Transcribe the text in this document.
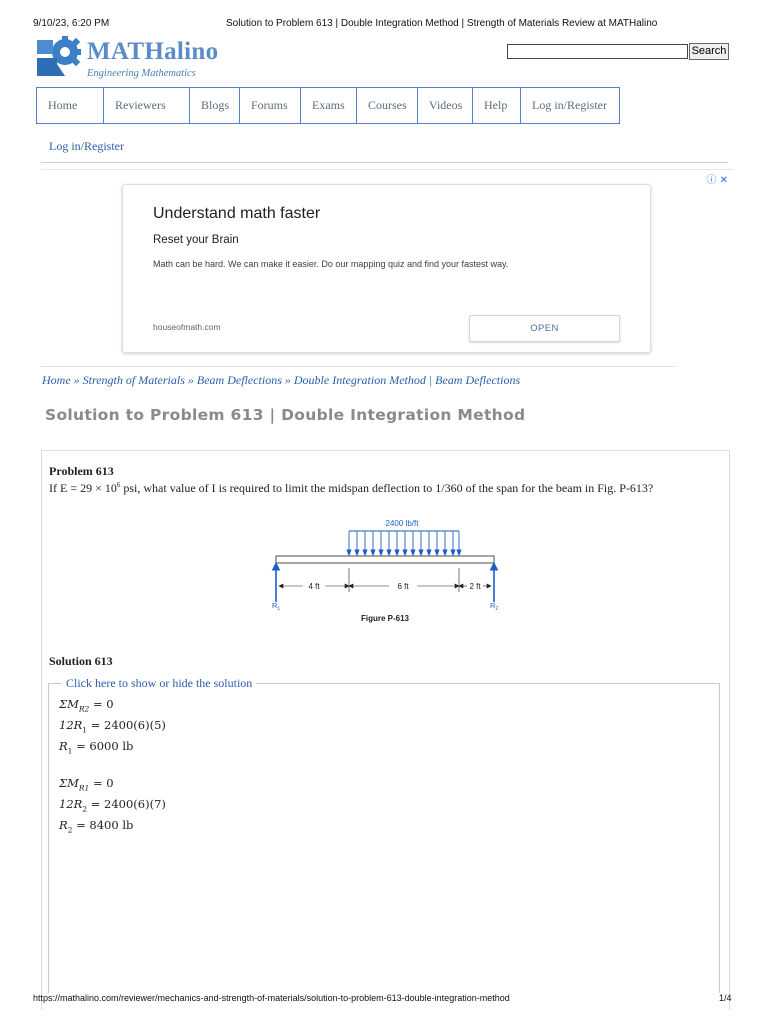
9/10/23, 6:20 PM	Solution to Problem 613 | Double Integration Method | Strength of Materials Review at MATHalino
MATHalino
Engineering Mathematics
Search
Home	Reviewers	Blogs	Forums	Exams	Courses	Videos	Help	Log in/Register
Log in/Register
ⓘ ✕
Understand math faster
Reset your Brain
Math can be hard. We can make it easier. Do our mapping quiz and find your fastest way.
houseofmath.com	OPEN
Home » Strength of Materials » Beam Deflections » Double Integration Method | Beam Deflections
Solution to Problem 613 | Double Integration Method
Problem 613
If $E = 29 \times 10^6$ psi, what value of I is required to limit the midspan deflection to 1/360 of the span for the beam in Fig. P-613?
2400 lb/ft
4 ft	6 ft	2 ft
$R_1$	$R_2$
Figure P-613
Solution 613
Click here to show or hide the solution
$\Sigma M_{R2} = 0$
$12R_1 = 2400(6)(5)$
$R_1 = 6000$ lb
$\Sigma M_{R1} = 0$
$12R_2 = 2400(6)(7)$
$R_2 = 8400$ lb
https://mathalino.com/reviewer/mechanics-and-strength-of-materials/solution-to-problem-613-double-integration-method	1/4
